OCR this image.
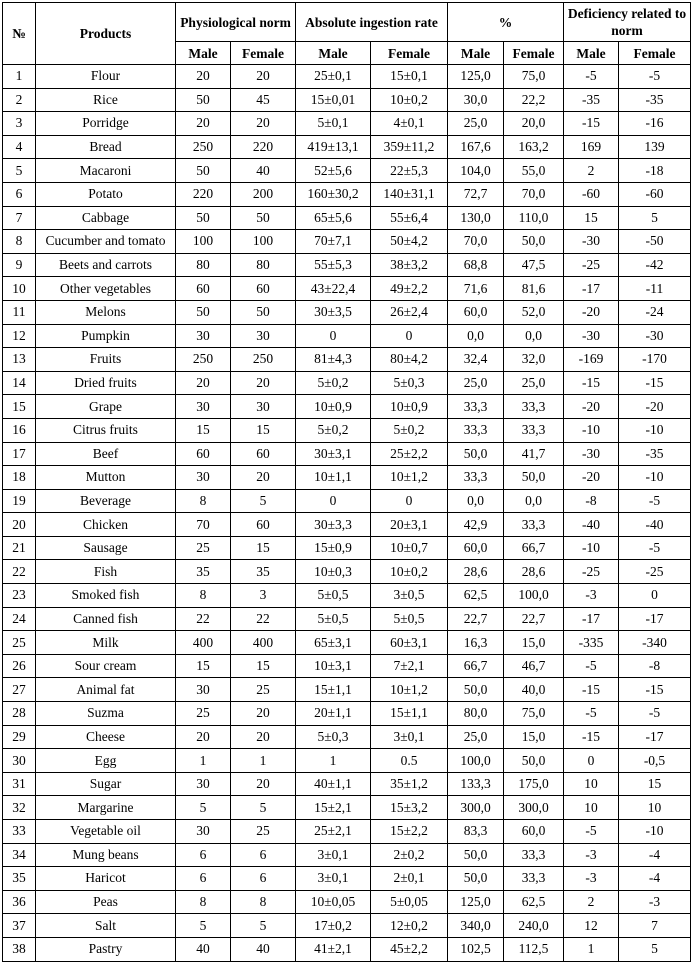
№	Products	Physiological norm		Absolute ingestion rate		%		Deficiency related to norm	
		Male	Female	Male	Female	Male	Female	Male	Female
1	Flour	20	20	25±0,1	15±0,1	125,0	75,0	-5	-5
2	Rice	50	45	15±0,01	10±0,2	30,0	22,2	-35	-35
3	Porridge	20	20	5±0,1	4±0,1	25,0	20,0	-15	-16
4	Bread	250	220	419±13,1	359±11,2	167,6	163,2	169	139
5	Macaroni	50	40	52±5,6	22±5,3	104,0	55,0	2	-18
6	Potato	220	200	160±30,2	140±31,1	72,7	70,0	-60	-60
7	Cabbage	50	50	65±5,6	55±6,4	130,0	110,0	15	5
8	Cucumber and tomato	100	100	70±7,1	50±4,2	70,0	50,0	-30	-50
9	Beets and carrots	80	80	55±5,3	38±3,2	68,8	47,5	-25	-42
10	Other vegetables	60	60	43±22,4	49±2,2	71,6	81,6	-17	-11
11	Melons	50	50	30±3,5	26±2,4	60,0	52,0	-20	-24
12	Pumpkin	30	30	0	0	0,0	0,0	-30	-30
13	Fruits	250	250	81±4,3	80±4,2	32,4	32,0	-169	-170
14	Dried fruits	20	20	5±0,2	5±0,3	25,0	25,0	-15	-15
15	Grape	30	30	10±0,9	10±0,9	33,3	33,3	-20	-20
16	Citrus fruits	15	15	5±0,2	5±0,2	33,3	33,3	-10	-10
17	Beef	60	60	30±3,1	25±2,2	50,0	41,7	-30	-35
18	Mutton	30	20	10±1,1	10±1,2	33,3	50,0	-20	-10
19	Beverage	8	5	0	0	0,0	0,0	-8	-5
20	Chicken	70	60	30±3,3	20±3,1	42,9	33,3	-40	-40
21	Sausage	25	15	15±0,9	10±0,7	60,0	66,7	-10	-5
22	Fish	35	35	10±0,3	10±0,2	28,6	28,6	-25	-25
23	Smoked fish	8	3	5±0,5	3±0,5	62,5	100,0	-3	0
24	Canned fish	22	22	5±0,5	5±0,5	22,7	22,7	-17	-17
25	Milk	400	400	65±3,1	60±3,1	16,3	15,0	-335	-340
26	Sour cream	15	15	10±3,1	7±2,1	66,7	46,7	-5	-8
27	Animal fat	30	25	15±1,1	10±1,2	50,0	40,0	-15	-15
28	Suzma	25	20	20±1,1	15±1,1	80,0	75,0	-5	-5
29	Cheese	20	20	5±0,3	3±0,1	25,0	15,0	-15	-17
30	Egg	1	1	1	0.5	100,0	50,0	0	-0,5
31	Sugar	30	20	40±1,1	35±1,2	133,3	175,0	10	15
32	Margarine	5	5	15±2,1	15±3,2	300,0	300,0	10	10
33	Vegetable oil	30	25	25±2,1	15±2,2	83,3	60,0	-5	-10
34	Mung beans	6	6	3±0,1	2±0,2	50,0	33,3	-3	-4
35	Haricot	6	6	3±0,1	2±0,1	50,0	33,3	-3	-4
36	Peas	8	8	10±0,05	5±0,05	125,0	62,5	2	-3
37	Salt	5	5	17±0,2	12±0,2	340,0	240,0	12	7
38	Pastry	40	40	41±2,1	45±2,2	102,5	112,5	1	5
